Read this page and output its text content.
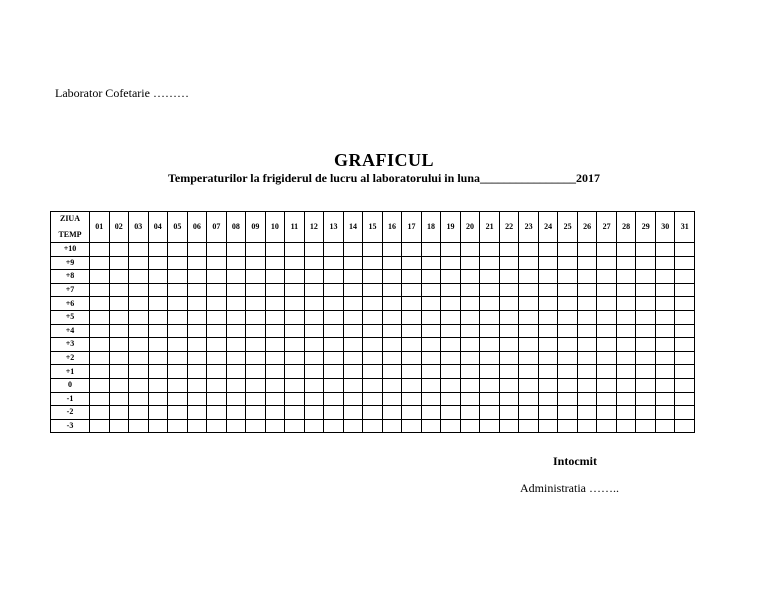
Laborator Cofetarie ………
GRAFICUL
Temperaturilor la frigiderul de lucru al laboratorului in luna________________2017
ZIUA
TEMP	01	02	03	04	05	06	07	08	09	10	11	12	13	14	15	16	17	18	19	20	21	22	23	24	25	26	27	28	29	30	31
+10																															
+9																															
+8																															
+7																															
+6																															
+5																															
+4																															
+3																															
+2																															
+1																															
0																															
-1																															
-2																															
-3																															
Intocmit
Administratia ……..
